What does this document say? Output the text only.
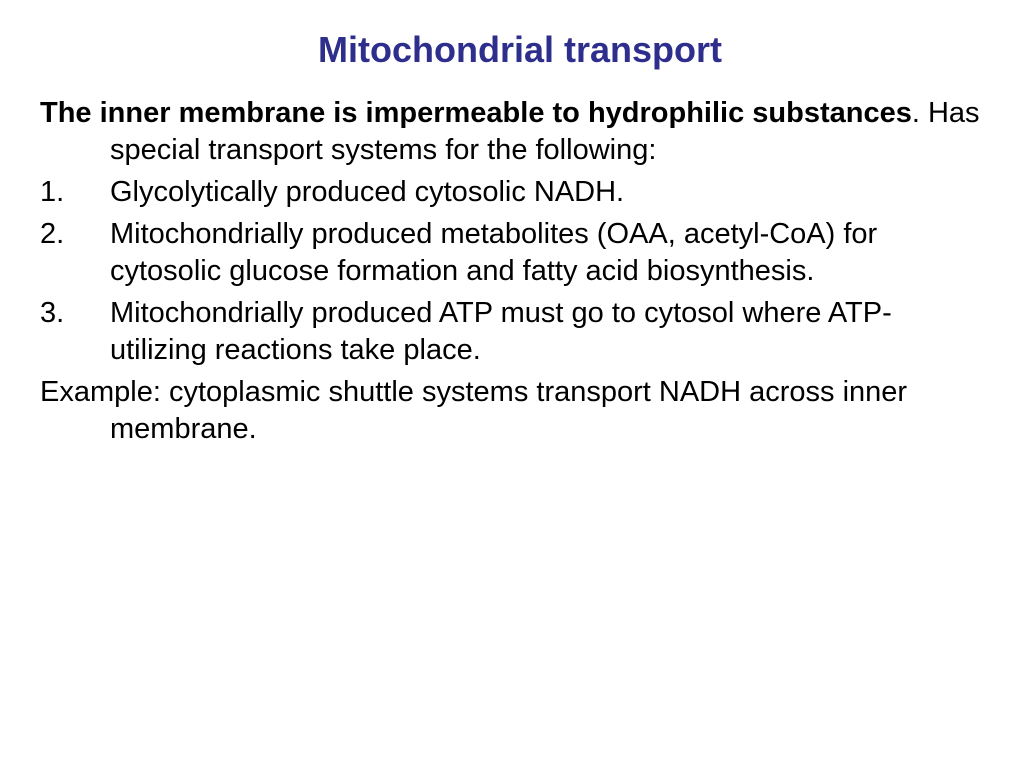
Mitochondrial transport

The inner membrane is impermeable to hydrophilic substances. Has special transport systems for the following:

1. Glycolytically produced cytosolic NADH.
2. Mitochondrially produced metabolites (OAA, acetyl-CoA) for cytosolic glucose formation and fatty acid biosynthesis.
3. Mitochondrially produced ATP must go to cytosol where ATP-utilizing reactions take place.

Example: cytoplasmic shuttle systems transport NADH across inner membrane.
